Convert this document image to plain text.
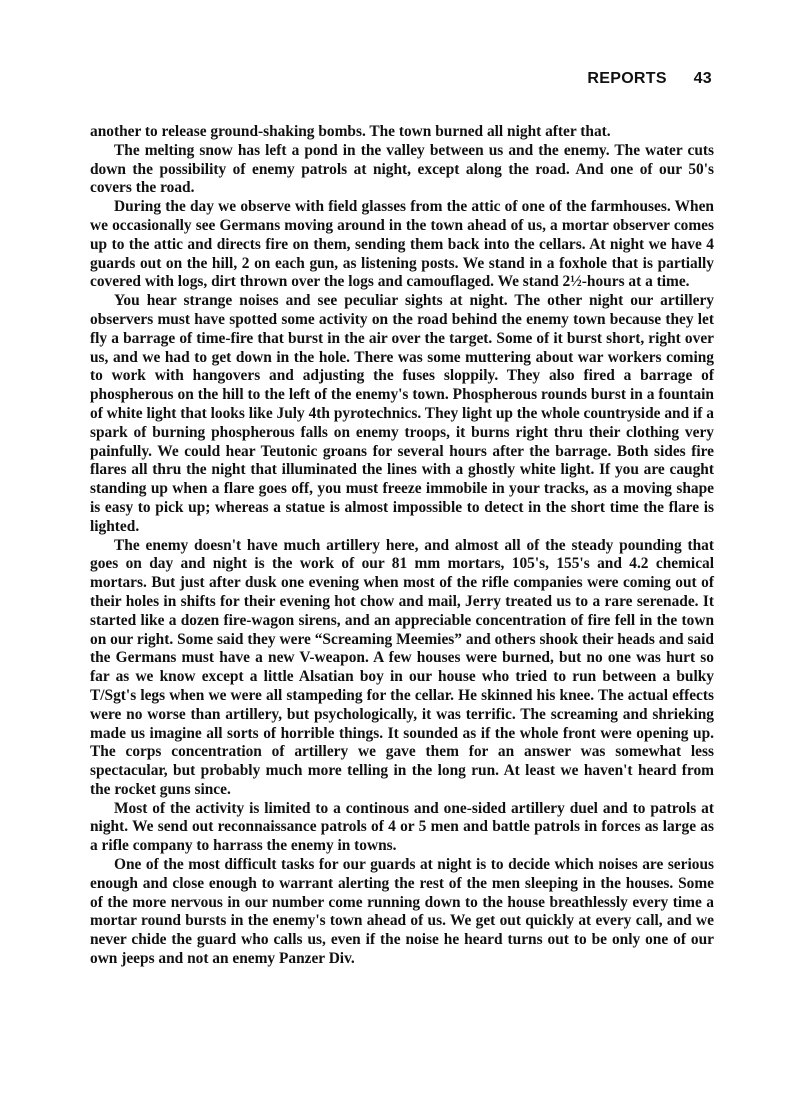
REPORTS 43

another to release ground-shaking bombs. The town burned all night after that.

The melting snow has left a pond in the valley between us and the enemy. The water cuts down the possibility of enemy patrols at night, except along the road. And one of our 50's covers the road.

During the day we observe with field glasses from the attic of one of the farmhouses. When we occasionally see Germans moving around in the town ahead of us, a mortar observer comes up to the attic and directs fire on them, sending them back into the cellars. At night we have 4 guards out on the hill, 2 on each gun, as listening posts. We stand in a foxhole that is partially covered with logs, dirt thrown over the logs and camouflaged. We stand 2½-hours at a time.

You hear strange noises and see peculiar sights at night. The other night our artillery observers must have spotted some activity on the road behind the enemy town because they let fly a barrage of time-fire that burst in the air over the target. Some of it burst short, right over us, and we had to get down in the hole. There was some muttering about war workers coming to work with hangovers and adjusting the fuses sloppily. They also fired a barrage of phospherous on the hill to the left of the enemy's town. Phospherous rounds burst in a fountain of white light that looks like July 4th pyrotechnics. They light up the whole countryside and if a spark of burning phospherous falls on enemy troops, it burns right thru their clothing very painfully. We could hear Teutonic groans for several hours after the barrage. Both sides fire flares all thru the night that illuminated the lines with a ghostly white light. If you are caught standing up when a flare goes off, you must freeze immobile in your tracks, as a moving shape is easy to pick up; whereas a statue is almost impossible to detect in the short time the flare is lighted.

The enemy doesn't have much artillery here, and almost all of the steady pounding that goes on day and night is the work of our 81 mm mortars, 105's, 155's and 4.2 chemical mortars. But just after dusk one evening when most of the rifle companies were coming out of their holes in shifts for their evening hot chow and mail, Jerry treated us to a rare serenade. It started like a dozen fire-wagon sirens, and an appreciable concentration of fire fell in the town on our right. Some said they were “Screaming Meemies” and others shook their heads and said the Germans must have a new V-weapon. A few houses were burned, but no one was hurt so far as we know except a little Alsatian boy in our house who tried to run between a bulky T/Sgt's legs when we were all stampeding for the cellar. He skinned his knee. The actual effects were no worse than artillery, but psychologically, it was terrific. The screaming and shrieking made us imagine all sorts of horrible things. It sounded as if the whole front were opening up. The corps concentration of artillery we gave them for an answer was somewhat less spectacular, but probably much more telling in the long run. At least we haven't heard from the rocket guns since.

Most of the activity is limited to a continous and one-sided artillery duel and to patrols at night. We send out reconnaissance patrols of 4 or 5 men and battle patrols in forces as large as a rifle company to harrass the enemy in towns.

One of the most difficult tasks for our guards at night is to decide which noises are serious enough and close enough to warrant alerting the rest of the men sleeping in the houses. Some of the more nervous in our number come running down to the house breathlessly every time a mortar round bursts in the enemy's town ahead of us. We get out quickly at every call, and we never chide the guard who calls us, even if the noise he heard turns out to be only one of our own jeeps and not an enemy Panzer Div.
